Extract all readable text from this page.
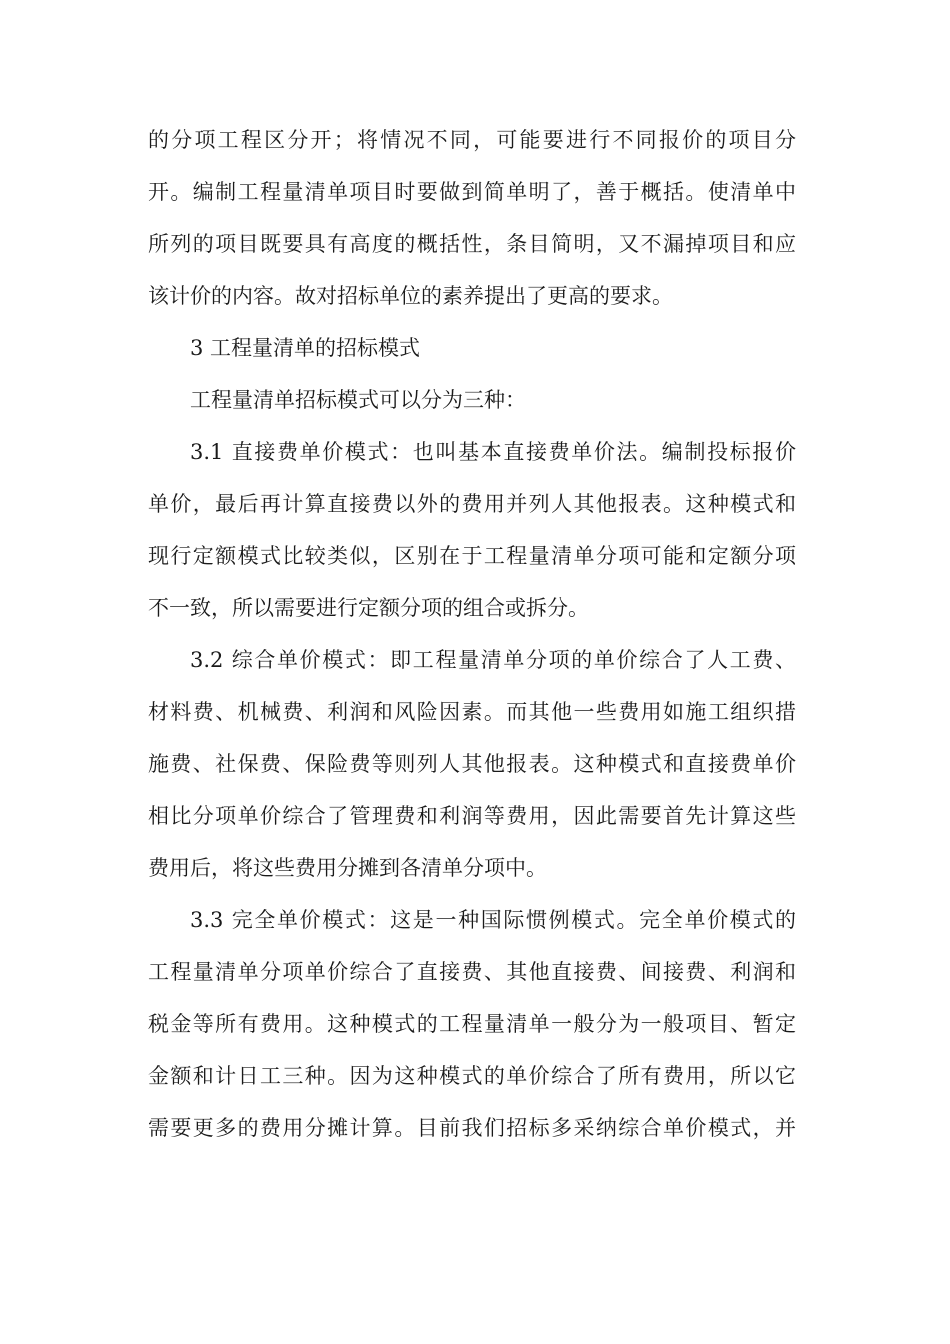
的分项工程区分开；将情况不同，可能要进行不同报价的项目分
开。编制工程量清单项目时要做到简单明了，善于概括。使清单中
所列的项目既要具有高度的概括性，条目简明，又不漏掉项目和应
该计价的内容。故对招标单位的素养提出了更高的要求。
3 工程量清单的招标模式
工程量清单招标模式可以分为三种：
3.1 直接费单价模式：也叫基本直接费单价法。编制投标报价
单价，最后再计算直接费以外的费用并列人其他报表。这种模式和
现行定额模式比较类似，区别在于工程量清单分项可能和定额分项
不一致，所以需要进行定额分项的组合或拆分。
3.2 综合单价模式：即工程量清单分项的单价综合了人工费、
材料费、机械费、利润和风险因素。而其他一些费用如施工组织措
施费、社保费、保险费等则列人其他报表。这种模式和直接费单价
相比分项单价综合了管理费和利润等费用，因此需要首先计算这些
费用后，将这些费用分摊到各清单分项中。
3.3 完全单价模式：这是一种国际惯例模式。完全单价模式的
工程量清单分项单价综合了直接费、其他直接费、间接费、利润和
税金等所有费用。这种模式的工程量清单一般分为一般项目、暂定
金额和计日工三种。因为这种模式的单价综合了所有费用，所以它
需要更多的费用分摊计算。目前我们招标多采纳综合单价模式，并
